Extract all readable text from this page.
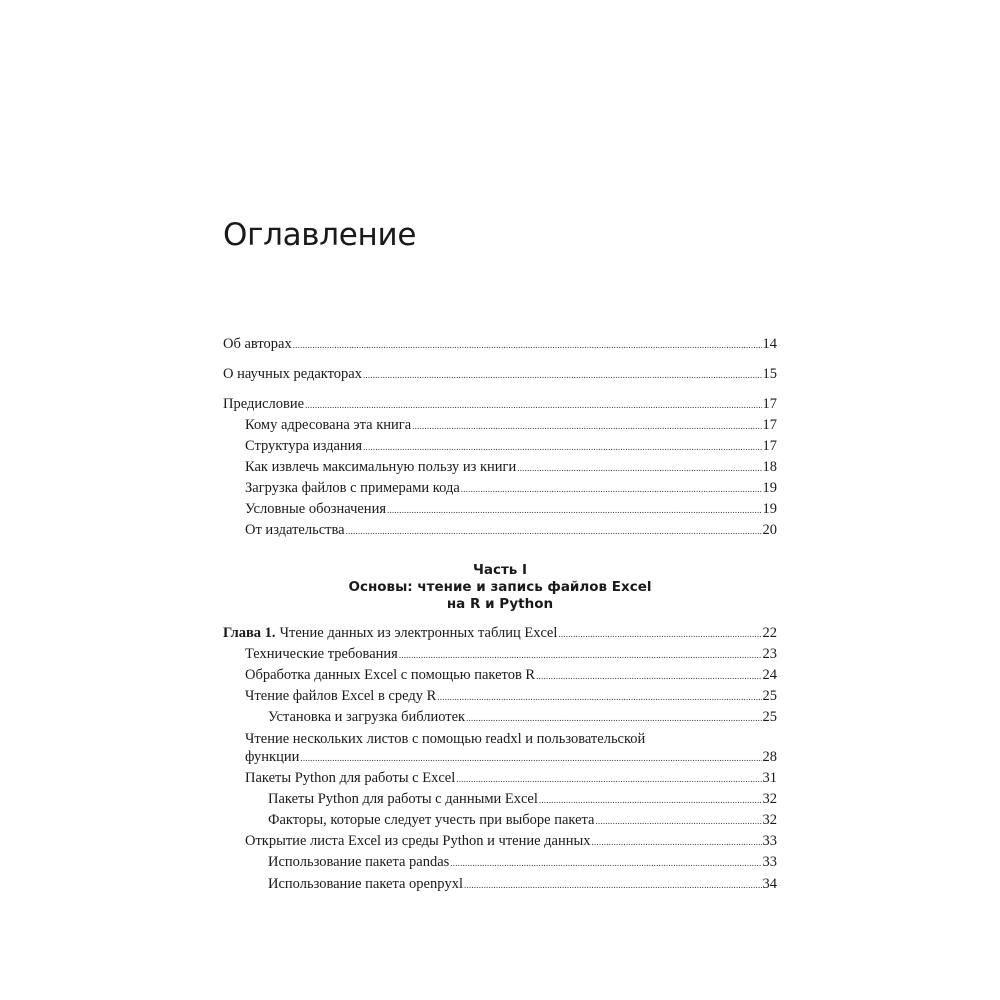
Оглавление
Об авторах .....	14
О научных редакторах .....	15
Предисловие .....	17
Кому адресована эта книга .....	17
Структура издания .....	17
Как извлечь максимальную пользу из книги .....	18
Загрузка файлов с примерами кода .....	19
Условные обозначения .....	19
От издательства .....	20
Часть I
Основы: чтение и запись файлов Excel
на R и Python
Глава 1. Чтение данных из электронных таблиц Excel .....	22
Технические требования .....	23
Обработка данных Excel с помощью пакетов R .....	24
Чтение файлов Excel в среду R .....	25
Установка и загрузка библиотек .....	25
Чтение нескольких листов с помощью readxl и пользовательской
функции .....	28
Пакеты Python для работы с Excel .....	31
Пакеты Python для работы с данными Excel .....	32
Факторы, которые следует учесть при выборе пакета .....	32
Открытие листа Excel из среды Python и чтение данных .....	33
Использование пакета pandas .....	33
Использование пакета openpyxl .....	34
